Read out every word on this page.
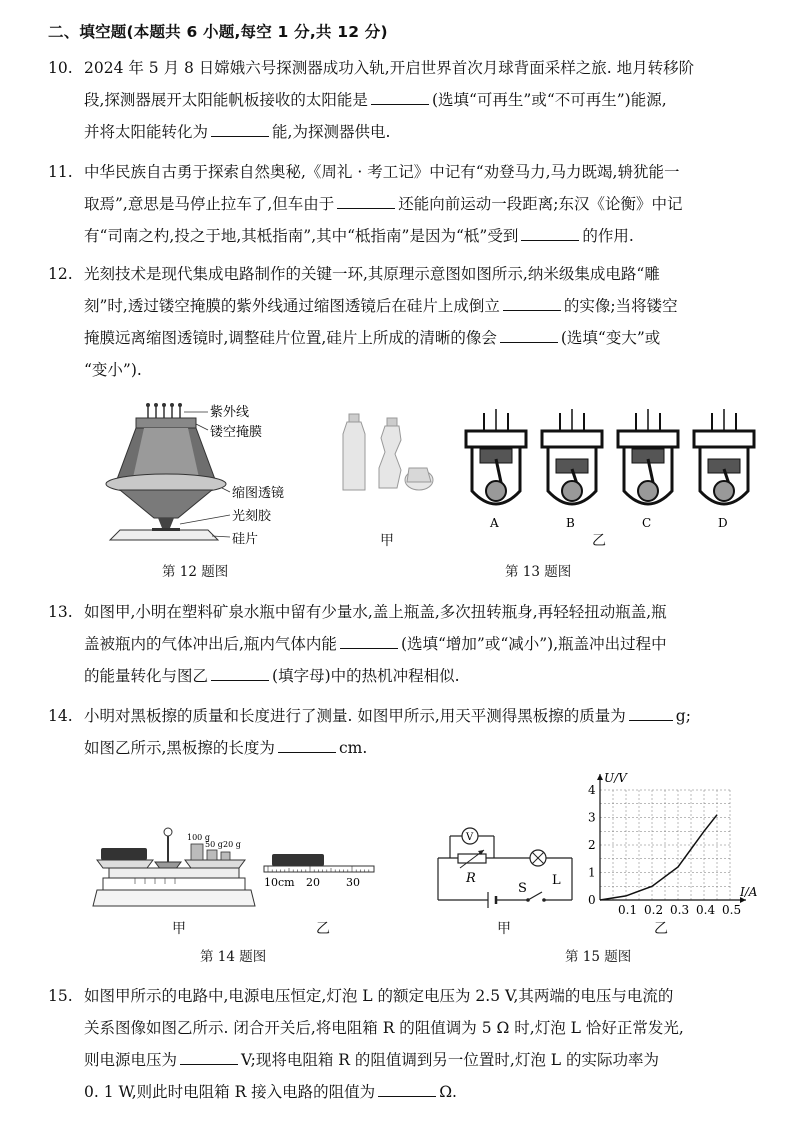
二、填空题(本题共 6 小题,每空 1 分,共 12 分)
10. 2024 年 5 月 8 日嫦娥六号探测器成功入轨,开启世界首次月球背面采样之旅. 地月转移阶
段,探测器展开太阳能帆板接收的太阳能是	(选填“可再生”或“不可再生”)能源,
并将太阳能转化为	能,为探测器供电.
11. 中华民族自古勇于探索自然奥秘,《周礼 · 考工记》中记有“劝登马力,马力既竭,辀犹能一
取焉”,意思是马停止拉车了,但车由于	还能向前运动一段距离;东汉《论衡》中记
有“司南之杓,投之于地,其柢指南”,其中“柢指南”是因为“柢”受到	的作用.
12. 光刻技术是现代集成电路制作的关键一环,其原理示意图如图所示,纳米级集成电路“雕
刻”时,透过镂空掩膜的紫外线通过缩图透镜后在硅片上成倒立	的实像;当将镂空
掩膜远离缩图透镜时,调整硅片位置,硅片上所成的清晰的像会	(选填“变大”或
“变小”).
紫外线
镂空掩膜
缩图透镜
光刻胶
硅片
第 12 题图
甲
A	B	C	D
乙
第 13 题图
13. 如图甲,小明在塑料矿泉水瓶中留有少量水,盖上瓶盖,多次扭转瓶身,再轻轻扭动瓶盖,瓶
盖被瓶内的气体冲出后,瓶内气体内能	(选填“增加”或“减小”),瓶盖冲出过程中
的能量转化与图乙	(填字母)中的热机冲程相似.
14. 小明对黑板擦的质量和长度进行了测量. 如图甲所示,用天平测得黑板擦的质量为	g;
如图乙所示,黑板擦的长度为	cm.
100 g
50 g 20 g
甲
10cm 20 30
乙
第 14 题图
V
R
S
L
甲
0.1 0.2 0.3 0.4 0.5
0
1
2
3
4
I/A
U/V
乙
第 15 题图
15. 如图甲所示的电路中,电源电压恒定,灯泡 L 的额定电压为 2.5 V,其两端的电压与电流的
关系图像如图乙所示. 闭合开关后,将电阻箱 R 的阻值调为 5 Ω 时,灯泡 L 恰好正常发光,
则电源电压为	V;现将电阻箱 R 的阻值调到另一位置时,灯泡 L 的实际功率为
0. 1 W,则此时电阻箱 R 接入电路的阻值为	Ω.
